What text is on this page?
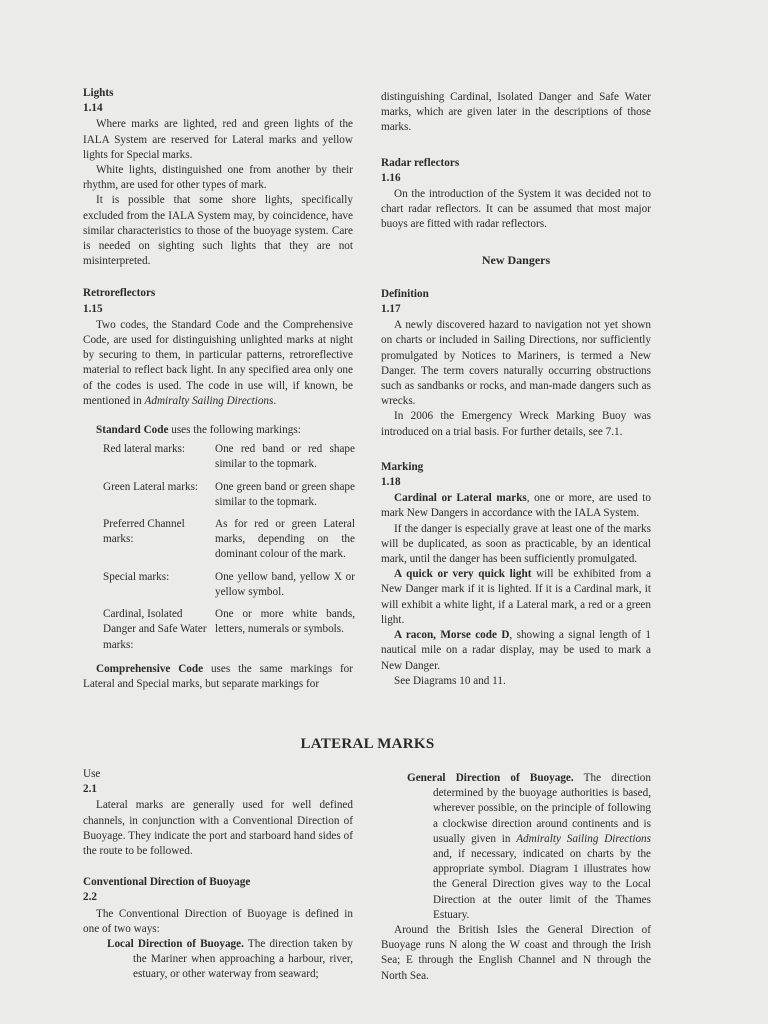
Lights
1.14

Where marks are lighted, red and green lights of the IALA System are reserved for Lateral marks and yellow lights for Special marks.

White lights, distinguished one from another by their rhythm, are used for other types of mark.

It is possible that some shore lights, specifically excluded from the IALA System may, by coincidence, have similar characteristics to those of the buoyage system. Care is needed on sighting such lights that they are not misinterpreted.

Retroreflectors
1.15

Two codes, the Standard Code and the Comprehensive Code, are used for distinguishing unlighted marks at night by securing to them, in particular patterns, retroreflective material to reflect back light. In any specified area only one of the codes is used. The code in use will, if known, be mentioned in Admiralty Sailing Directions.

Standard Code uses the following markings:
Red lateral marks:	One red band or red shape similar to the topmark.
Green Lateral marks:	One green band or green shape similar to the topmark.
Preferred Channel marks:	As for red or green Lateral marks, depending on the dominant colour of the mark.
Special marks:	One yellow band, yellow X or yellow symbol.
Cardinal, Isolated Danger and Safe Water marks:	One or more white bands, letters, numerals or symbols.

Comprehensive Code uses the same markings for Lateral and Special marks, but separate markings for

distinguishing Cardinal, Isolated Danger and Safe Water marks, which are given later in the descriptions of those marks.

Radar reflectors
1.16

On the introduction of the System it was decided not to chart radar reflectors. It can be assumed that most major buoys are fitted with radar reflectors.

New Dangers
Definition
1.17

A newly discovered hazard to navigation not yet shown on charts or included in Sailing Directions, nor sufficiently promulgated by Notices to Mariners, is termed a New Danger. The term covers naturally occurring obstructions such as sandbanks or rocks, and man-made dangers such as wrecks.

In 2006 the Emergency Wreck Marking Buoy was introduced on a trial basis. For further details, see 7.1.

Marking
1.18

Cardinal or Lateral marks, one or more, are used to mark New Dangers in accordance with the IALA System.

If the danger is especially grave at least one of the marks will be duplicated, as soon as practicable, by an identical mark, until the danger has been sufficiently promulgated.

A quick or very quick light will be exhibited from a New Danger mark if it is lighted. If it is a Cardinal mark, it will exhibit a white light, if a Lateral mark, a red or a green light.

A racon, Morse code D, showing a signal length of 1 nautical mile on a radar display, may be used to mark a New Danger.

See Diagrams 10 and 11.

LATERAL MARKS
Use
2.1

Lateral marks are generally used for well defined channels, in conjunction with a Conventional Direction of Buoyage. They indicate the port and starboard hand sides of the route to be followed.

Conventional Direction of Buoyage
2.2

The Conventional Direction of Buoyage is defined in one of two ways:

Local Direction of Buoyage. The direction taken by the Mariner when approaching a harbour, river, estuary, or other waterway from seaward;
General Direction of Buoyage. The direction determined by the buoyage authorities is based, wherever possible, on the principle of following a clockwise direction around continents and is usually given in Admiralty Sailing Directions and, if necessary, indicated on charts by the appropriate symbol. Diagram 1 illustrates how the General Direction gives way to the Local Direction at the outer limit of the Thames Estuary.

Around the British Isles the General Direction of Buoyage runs N along the W coast and through the Irish Sea; E through the English Channel and N through the North Sea.
